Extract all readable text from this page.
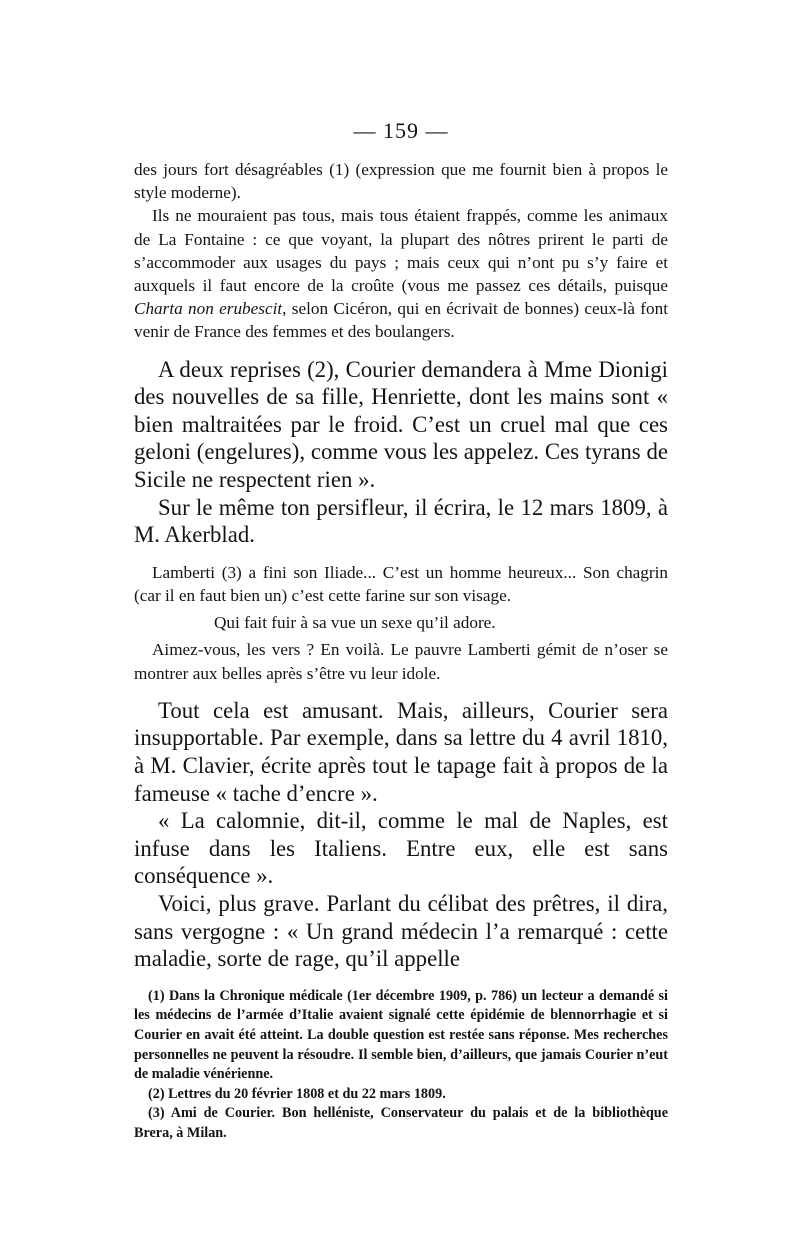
— 159 —

des jours fort désagréables (1) (expression que me fournit bien à propos le style moderne).

Ils ne mouraient pas tous, mais tous étaient frappés, comme les animaux de La Fontaine : ce que voyant, la plupart des nôtres prirent le parti de s’accommoder aux usages du pays ; mais ceux qui n’ont pu s’y faire et auxquels il faut encore de la croûte (vous me passez ces détails, puisque Charta non erubescit, selon Cicéron, qui en écrivait de bonnes) ceux-là font venir de France des femmes et des boulangers.

A deux reprises (2), Courier demandera à Mme Dionigi des nouvelles de sa fille, Henriette, dont les mains sont « bien maltraitées par le froid. C’est un cruel mal que ces geloni (engelures), comme vous les appelez. Ces tyrans de Sicile ne respectent rien ».

Sur le même ton persifleur, il écrira, le 12 mars 1809, à M. Akerblad.

Lamberti (3) a fini son Iliade... C’est un homme heureux... Son chagrin (car il en faut bien un) c’est cette farine sur son visage.

Qui fait fuir à sa vue un sexe qu’il adore.

Aimez-vous, les vers ? En voilà. Le pauvre Lamberti gémit de n’oser se montrer aux belles après s’être vu leur idole.

Tout cela est amusant. Mais, ailleurs, Courier sera insupportable. Par exemple, dans sa lettre du 4 avril 1810, à M. Clavier, écrite après tout le tapage fait à propos de la fameuse « tache d’encre ».

« La calomnie, dit-il, comme le mal de Naples, est infuse dans les Italiens. Entre eux, elle est sans conséquence ».

Voici, plus grave. Parlant du célibat des prêtres, il dira, sans vergogne : « Un grand médecin l’a remarqué : cette maladie, sorte de rage, qu’il appelle

(1) Dans la Chronique médicale (1er décembre 1909, p. 786) un lecteur a demandé si les médecins de l’armée d’Italie avaient signalé cette épidémie de blennorrhagie et si Courier en avait été atteint. La double question est restée sans réponse. Mes recherches personnelles ne peuvent la résoudre. Il semble bien, d’ailleurs, que jamais Courier n’eut de maladie vénérienne.

(2) Lettres du 20 février 1808 et du 22 mars 1809.

(3) Ami de Courier. Bon helléniste, Conservateur du palais et de la bibliothèque Brera, à Milan.
